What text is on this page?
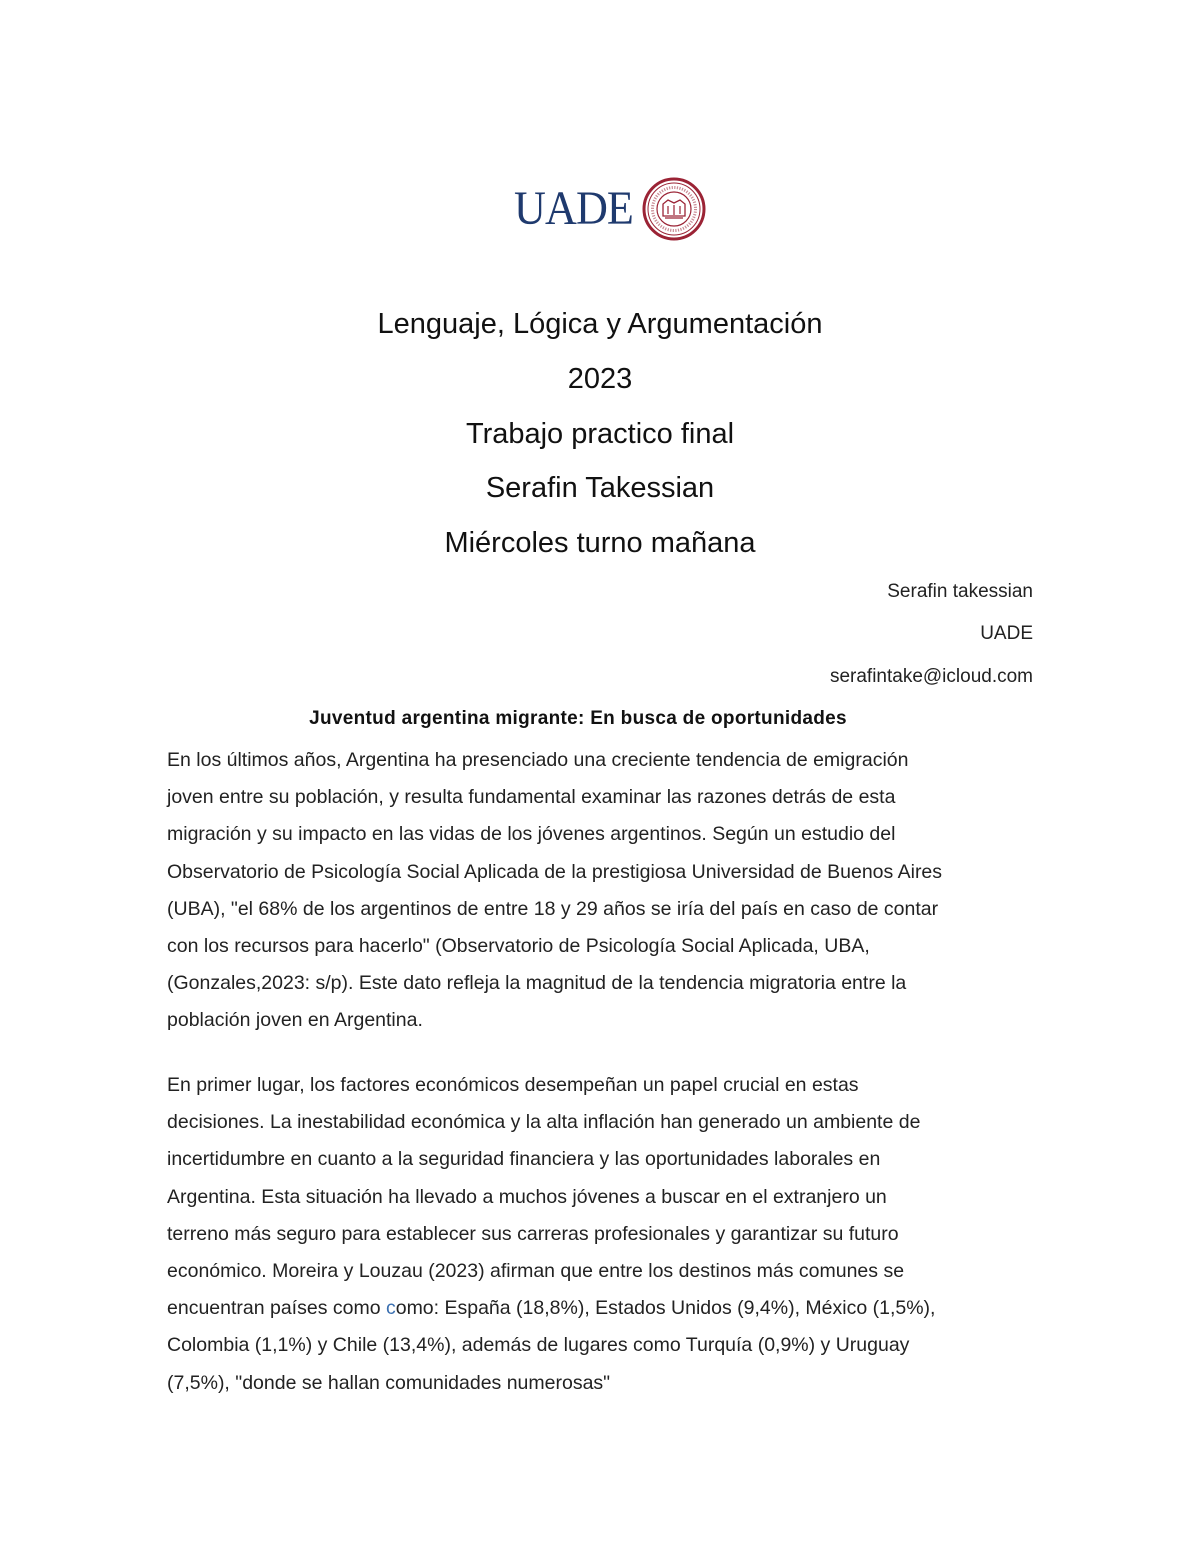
UADE
Lenguaje, Lógica y Argumentación
2023
Trabajo practico final
Serafin Takessian
Miércoles turno mañana
Serafin takessian
UADE
serafintake@icloud.com
Juventud argentina migrante: En busca de oportunidades
En los últimos años, Argentina ha presenciado una creciente tendencia de emigración
joven entre su población, y resulta fundamental examinar las razones detrás de esta
migración y su impacto en las vidas de los jóvenes argentinos. Según un estudio del
Observatorio de Psicología Social Aplicada de la prestigiosa Universidad de Buenos Aires
(UBA), "el 68% de los argentinos de entre 18 y 29 años se iría del país en caso de contar
con los recursos para hacerlo" (Observatorio de Psicología Social Aplicada, UBA,
(Gonzales,2023: s/p). Este dato refleja la magnitud de la tendencia migratoria entre la
población joven en Argentina.
En primer lugar, los factores económicos desempeñan un papel crucial en estas
decisiones. La inestabilidad económica y la alta inflación han generado un ambiente de
incertidumbre en cuanto a la seguridad financiera y las oportunidades laborales en
Argentina. Esta situación ha llevado a muchos jóvenes a buscar en el extranjero un
terreno más seguro para establecer sus carreras profesionales y garantizar su futuro
económico. Moreira y Louzau (2023) afirman que entre los destinos más comunes se
encuentran países como como: España (18,8%), Estados Unidos (9,4%), México (1,5%),
Colombia (1,1%) y Chile (13,4%), además de lugares como Turquía (0,9%) y Uruguay
(7,5%), "donde se hallan comunidades numerosas"
